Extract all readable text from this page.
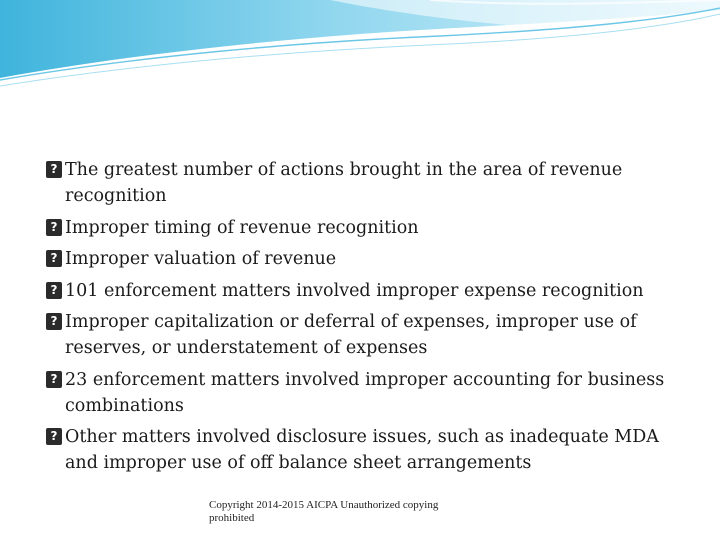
? The greatest number of actions brought in the area of revenue recognition
? Improper timing of revenue recognition
? Improper valuation of revenue
? 101 enforcement matters involved improper expense recognition
? Improper capitalization or deferral of expenses, improper use of reserves, or understatement of expenses
? 23 enforcement matters involved improper accounting for business combinations
? Other matters involved disclosure issues, such as inadequate MDA and improper use of off balance sheet arrangements
Copyright 2014-2015 AICPA Unauthorized copying prohibited
